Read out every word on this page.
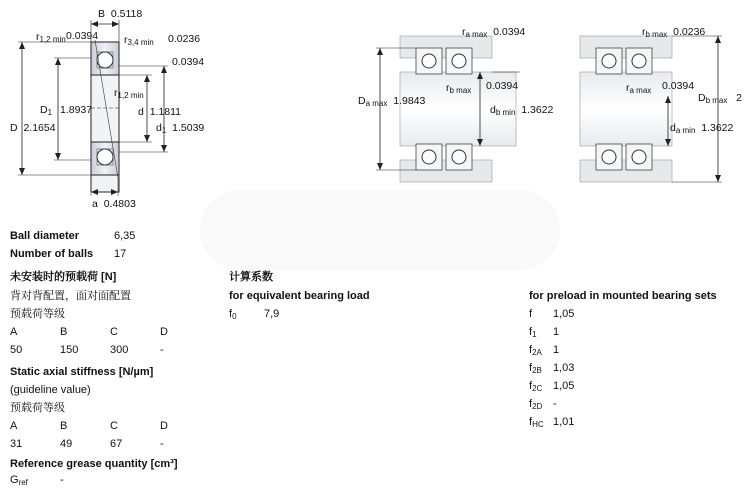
B 0.5118
$r_{1,2 min}$ 0.0394 $r_{3,4 min}$ 0.0236
0.0394
$r_{1,2 min}$
$D_1$ 1.8937	d 1.1811
D 2.1654	$d_1$ 1.5039
a 0.4803
$r_{a max}$ 0.0394
$r_{b max}$ 0.0394
$D_{a max}$ 1.9843
$d_{b min}$ 1.3622
$r_{b max}$ 0.0236
$r_{a max}$ 0.0394
$D_{b max}$ 2
$d_{a min}$ 1.3622
Ball diameter	6,35
Number of balls 17
未安装时的预载荷 [N]
背对背配置，面对面配置
预载荷等级
A	B	C	D
50	150	300	-
Static axial stiffness [N/µm]
(guideline value)
预载荷等级
A	B	C	D
31	49	67	-
Reference grease quantity [cm³]
$G_{ref}$	-
计算系数
for equivalent bearing load
$f_0$ 7,9
for preload in mounted bearing sets
f	1,05
$f_1$	1
$f_{2A}$	1
$f_{2B}$	1,03
$f_{2C}$ 1,05
$f_{2D}$ -
$f_{HC}$ 1,01
